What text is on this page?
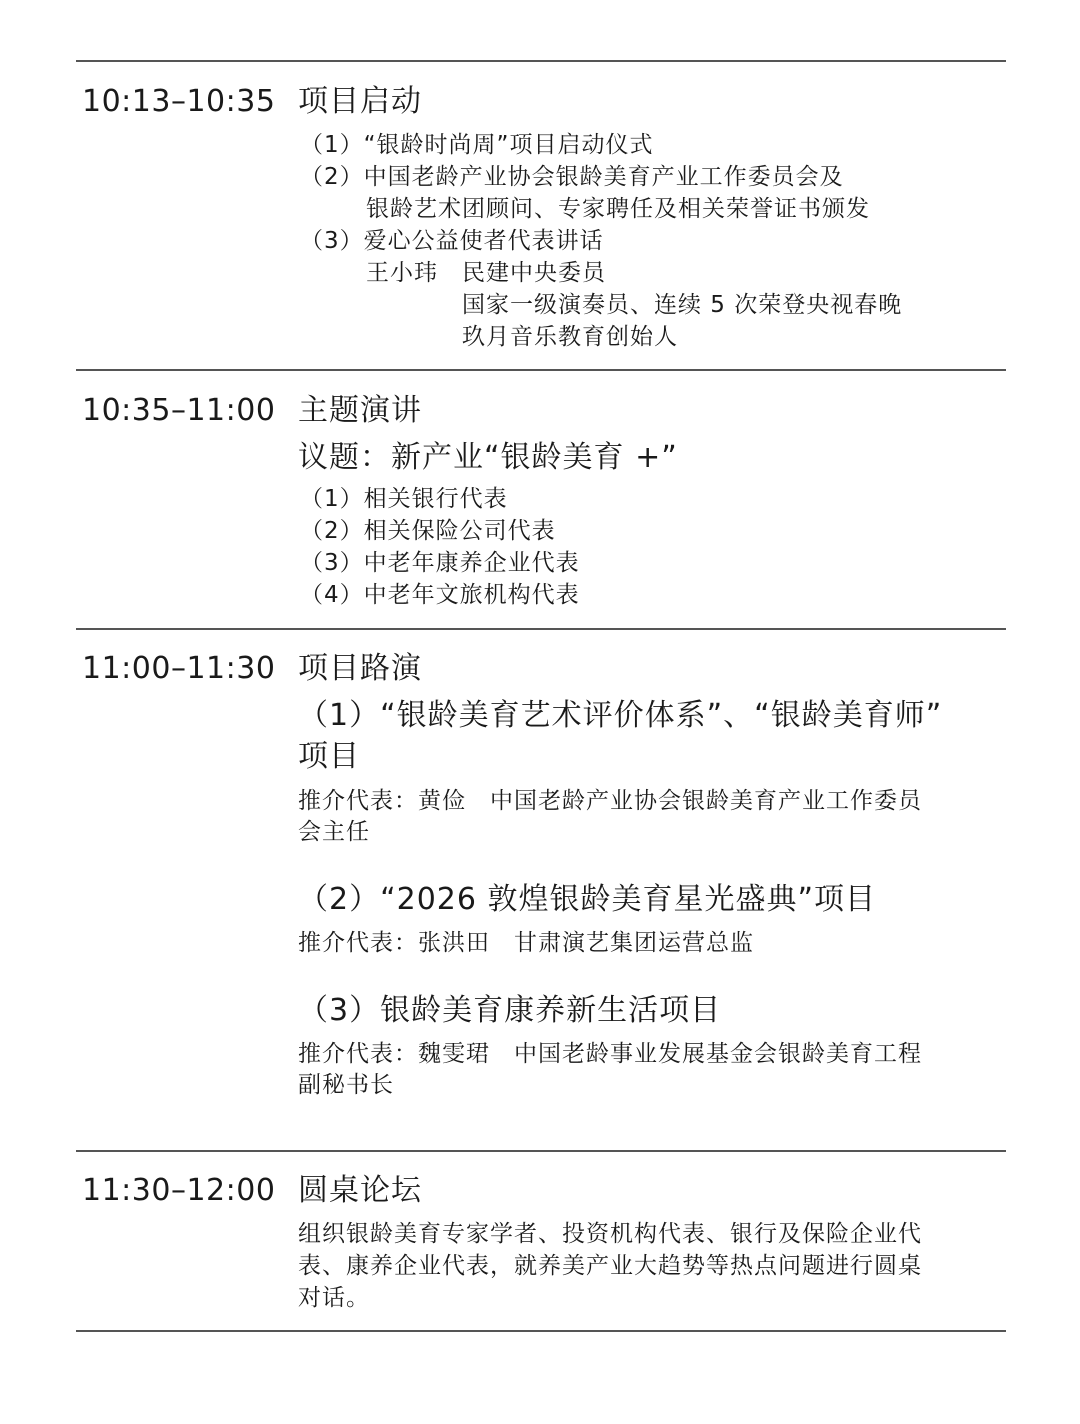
10:13–10:35 项目启动
（1）“银龄时尚周”项目启动仪式
（2）中国老龄产业协会银龄美育产业工作委员会及
银龄艺术团顾问、专家聘任及相关荣誉证书颁发
（3）爱心公益使者代表讲话
王小玮 民建中央委员
国家一级演奏员、连续 5 次荣登央视春晚
玖月音乐教育创始人
10:35–11:00 主题演讲
议题：新产业“银龄美育 +”
（1）相关银行代表
（2）相关保险公司代表
（3）中老年康养企业代表
（4）中老年文旅机构代表
11:00–11:30 项目路演
（1）“银龄美育艺术评价体系”、“银龄美育师”
项目
推介代表：黄俭　中国老龄产业协会银龄美育产业工作委员
会主任
（2）“2026 敦煌银龄美育星光盛典”项目
推介代表：张洪田　甘肃演艺集团运营总监
（3）银龄美育康养新生活项目
推介代表：魏雯珺　中国老龄事业发展基金会银龄美育工程
副秘书长
11:30–12:00 圆桌论坛
组织银龄美育专家学者、投资机构代表、银行及保险企业代
表、康养企业代表，就养美产业大趋势等热点问题进行圆桌
对话。
